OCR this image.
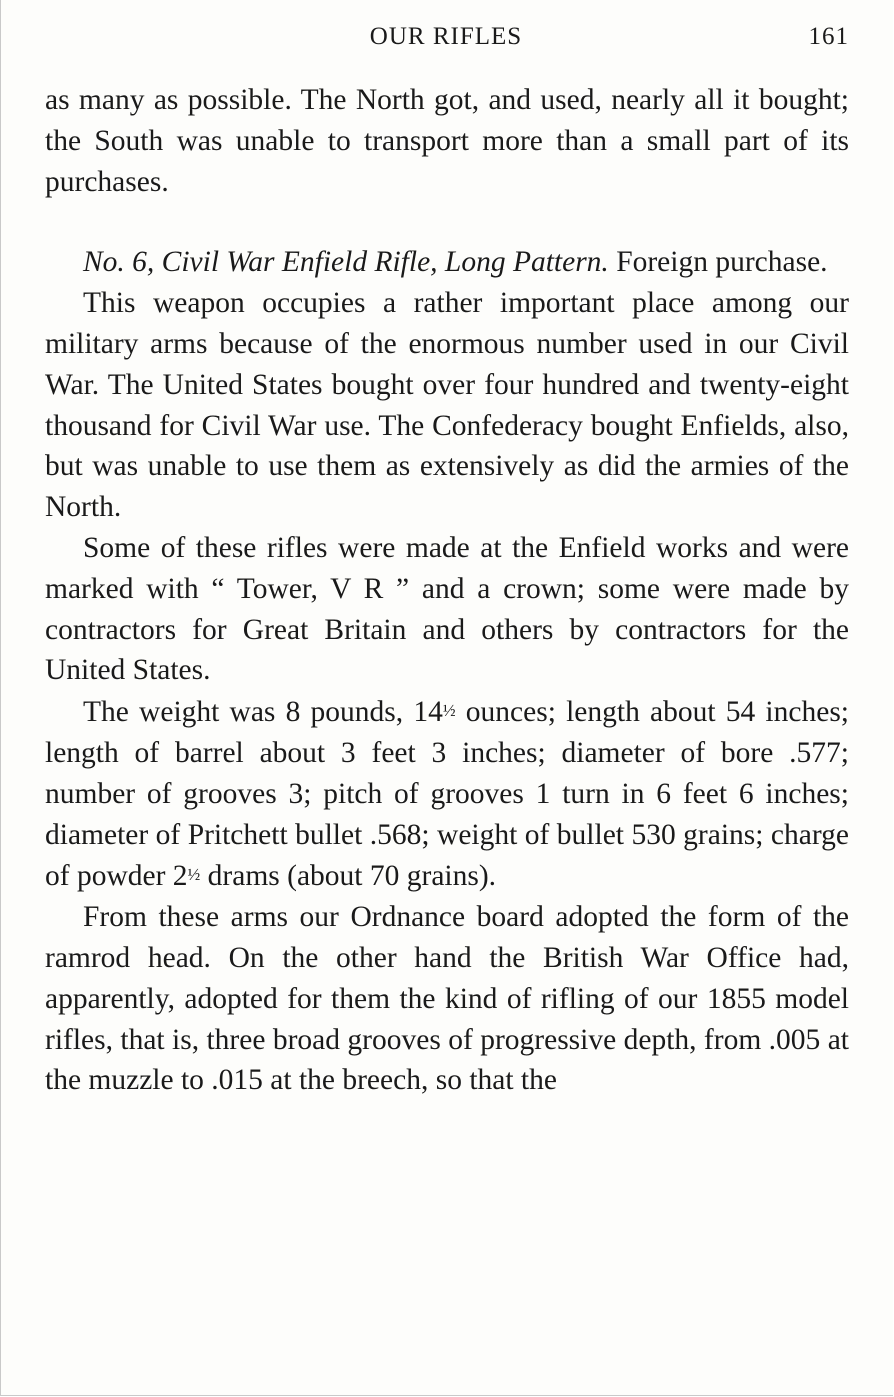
OUR RIFLES	161

as many as possible. The North got, and used, nearly all it bought; the South was unable to transport more than a small part of its purchases.

No. 6, Civil War Enfield Rifle, Long Pattern. Foreign purchase.

This weapon occupies a rather important place among our military arms because of the enormous number used in our Civil War. The United States bought over four hundred and twenty-eight thousand for Civil War use. The Confederacy bought Enfields, also, but was unable to use them as extensively as did the armies of the North.

Some of these rifles were made at the Enfield works and were marked with “ Tower, V R ” and a crown; some were made by contractors for Great Britain and others by contractors for the United States.

The weight was 8 pounds, 14½ ounces; length about 54 inches; length of barrel about 3 feet 3 inches; diameter of bore .577; number of grooves 3; pitch of grooves 1 turn in 6 feet 6 inches; diameter of Pritchett bullet .568; weight of bullet 530 grains; charge of powder 2½ drams (about 70 grains).

From these arms our Ordnance board adopted the form of the ramrod head. On the other hand the British War Office had, apparently, adopted for them the kind of rifling of our 1855 model rifles, that is, three broad grooves of progressive depth, from .005 at the muzzle to .015 at the breech, so that the
